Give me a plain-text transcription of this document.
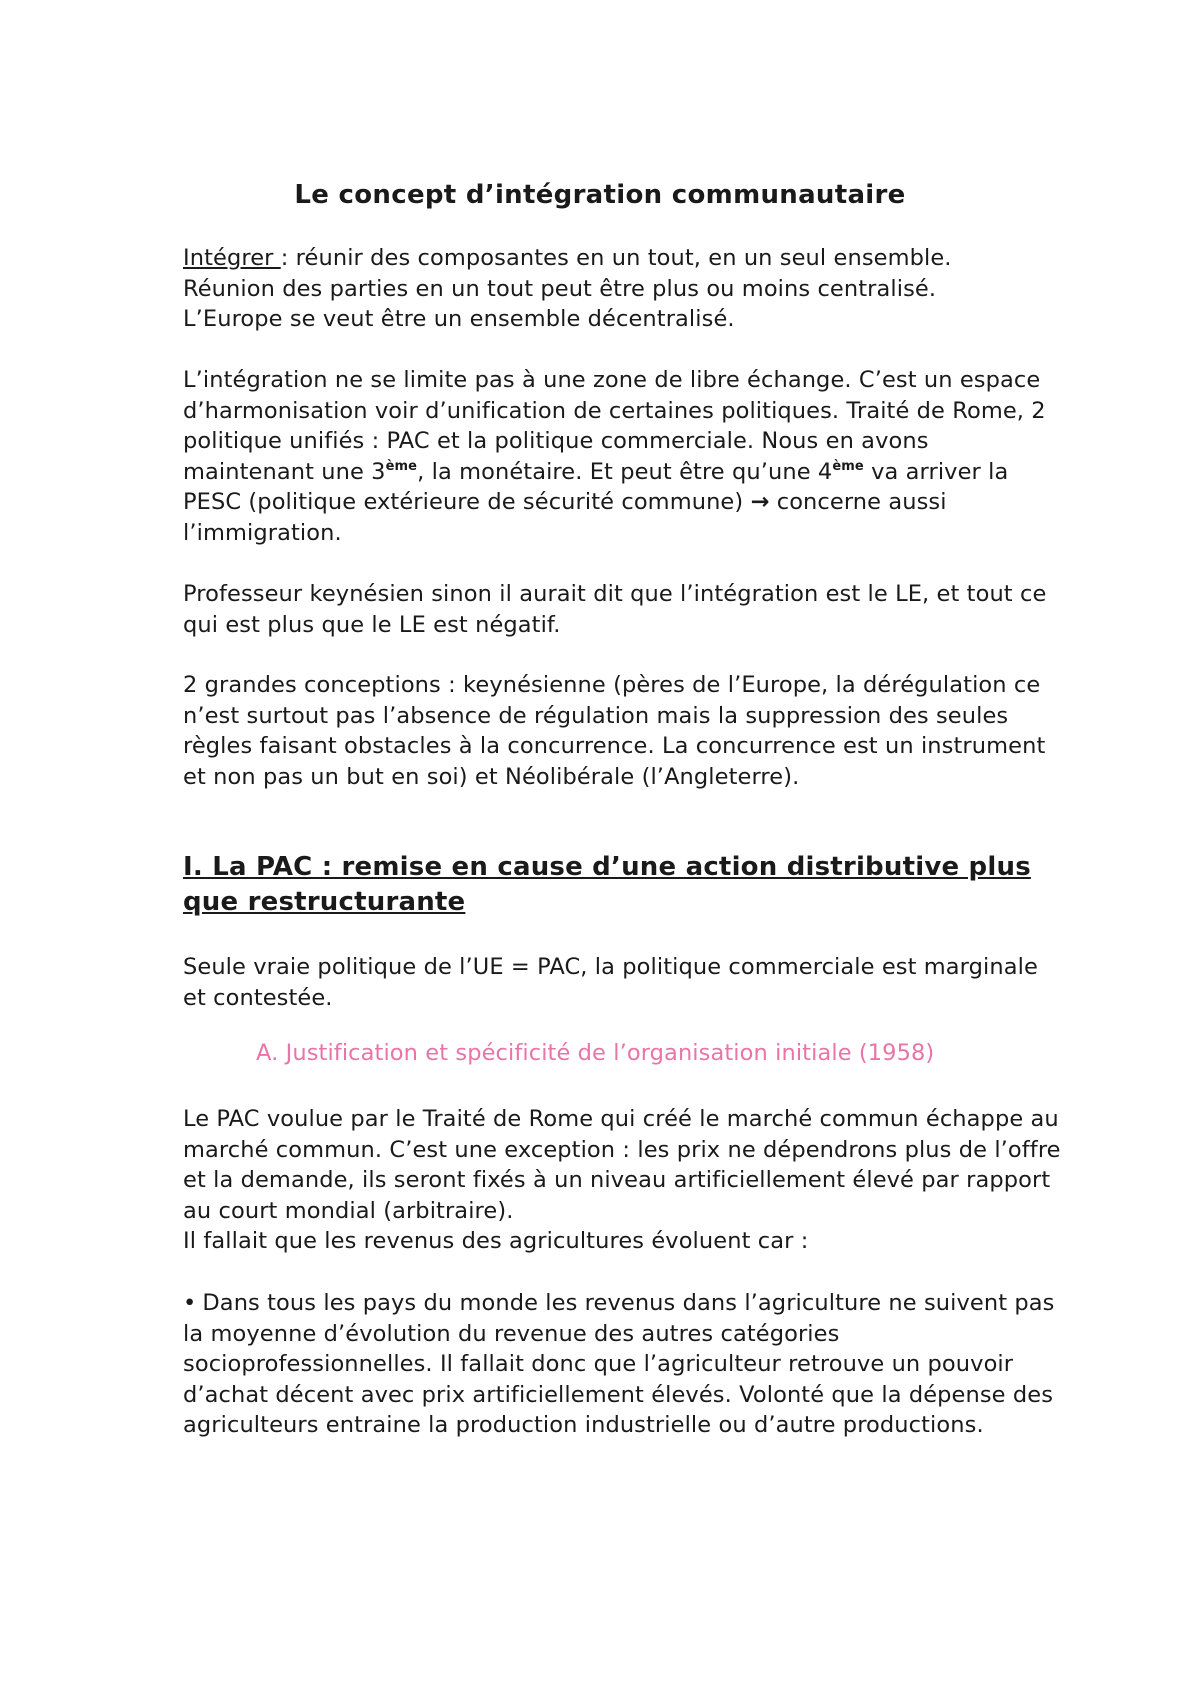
Le concept d’intégration communautaire

Intégrer : réunir des composantes en un tout, en un seul ensemble.

Réunion des parties en un tout peut être plus ou moins centralisé.

L’Europe se veut être un ensemble décentralisé.

L’intégration ne se limite pas à une zone de libre échange. C’est un espace d’harmonisation voir d’unification de certaines politiques. Traité de Rome, 2 politique unifiés : PAC et la politique commerciale. Nous en avons maintenant une 3ème, la monétaire. Et peut être qu’une 4ème va arriver la PESC (politique extérieure de sécurité commune) → concerne aussi l’immigration.

Professeur keynésien sinon il aurait dit que l’intégration est le LE, et tout ce qui est plus que le LE est négatif.

2 grandes conceptions : keynésienne (pères de l’Europe, la dérégulation ce n’est surtout pas l’absence de régulation mais la suppression des seules règles faisant obstacles à la concurrence. La concurrence est un instrument et non pas un but en soi) et Néolibérale (l’Angleterre).

I. La PAC : remise en cause d’une action distributive plus que restructurante

Seule vraie politique de l’UE = PAC, la politique commerciale est marginale et contestée.

A. Justification et spécificité de l’organisation initiale (1958)

Le PAC voulue par le Traité de Rome qui créé le marché commun échappe au marché commun. C’est une exception : les prix ne dépendrons plus de l’offre et la demande, ils seront fixés à un niveau artificiellement élevé par rapport au court mondial (arbitraire).

Il fallait que les revenus des agricultures évoluent car :

• Dans tous les pays du monde les revenus dans l’agriculture ne suivent pas la moyenne d’évolution du revenue des autres catégories socioprofessionnelles. Il fallait donc que l’agriculteur retrouve un pouvoir d’achat décent avec prix artificiellement élevés. Volonté que la dépense des agriculteurs entraine la production industrielle ou d’autre productions.
